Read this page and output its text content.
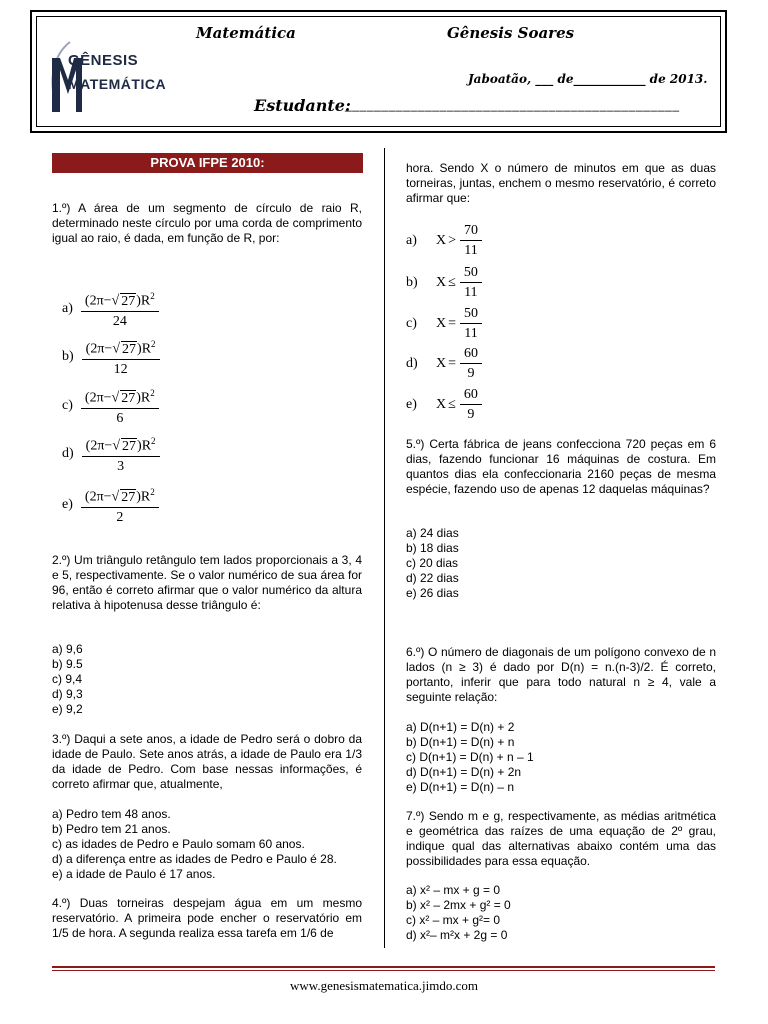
GÊNESIS
MATEMÁTICA
Matemática	Gênesis Soares
Jaboatão, ___ de____________ de 2013.
Estudante:
______________________________________________
PROVA IFPE 2010:
1.º) A área de um segmento de círculo de raio R, determinado neste círculo por uma corda de comprimento igual ao raio, é dada, em função de R, por:
$a) \frac{(2\pi-√ 27)R^2}{24}$
$b) \frac{(2\pi-√ 27)R^2}{12}$
$c) \frac{(2\pi-√ 27)R^2}{6}$
$d) \frac{(2\pi-√ 27)R^2}{3}$
$e) \frac{(2\pi-√ 27)R^2}{2}$
2.º) Um triângulo retângulo tem lados proporcionais a 3, 4 e 5, respectivamente. Se o valor numérico de sua área for 96, então é correto afirmar que o valor numérico da altura relativa à hipotenusa desse triângulo é:
a) 9,6
b) 9.5
c) 9,4
d) 9,3
e) 9,2
3.º) Daqui a sete anos, a idade de Pedro será o dobro da idade de Paulo. Sete anos atrás, a idade de Paulo era 1/3 da idade de Pedro. Com base nessas informações, é correto afirmar que, atualmente,
a) Pedro tem 48 anos.
b) Pedro tem 21 anos.
c) as idades de Pedro e Paulo somam 60 anos.
d) a diferença entre as idades de Pedro e Paulo é 28.
e) a idade de Paulo é 17 anos.
4.º) Duas torneiras despejam água em um mesmo reservatório. A primeira pode encher o reservatório em 1/5 de hora. A segunda realiza essa tarefa em 1/6 de
hora. Sendo X o número de minutos em que as duas torneiras, juntas, enchem o mesmo reservatório, é correto afirmar que:
a)	$X > \frac{70}{11}$
b)	$X \le \frac{50}{11}$
c)	$X = \frac{50}{11}$
d)	$X = \frac{60}{9}$
e)	$X \le \frac{60}{9}$
5.º) Certa fábrica de jeans confecciona 720 peças em 6 dias, fazendo funcionar 16 máquinas de costura. Em quantos dias ela confeccionaria 2160 peças de mesma espécie, fazendo uso de apenas 12 daquelas máquinas?
a) 24 dias
b) 18 dias
c) 20 dias
d) 22 dias
e) 26 dias
6.º) O número de diagonais de um polígono convexo de n lados (n ≥ 3) é dado por D(n) = n.(n-3)/2. É correto, portanto, inferir que para todo natural n ≥ 4, vale a seguinte relação:
a) D(n+1) = D(n) + 2
b) D(n+1) = D(n) + n
c) D(n+1) = D(n) + n – 1
d) D(n+1) = D(n) + 2n
e) D(n+1) = D(n) – n
7.º) Sendo m e g, respectivamente, as médias aritmética e geométrica das raízes de uma equação de 2º grau, indique qual das alternativas abaixo contém uma das possibilidades para essa equação.
a) x² – mx + g = 0
b) x² – 2mx + g² = 0
c) x² – mx + g²= 0
d) x²– m²x + 2g = 0
www.genesismatematica.jimdo.com
